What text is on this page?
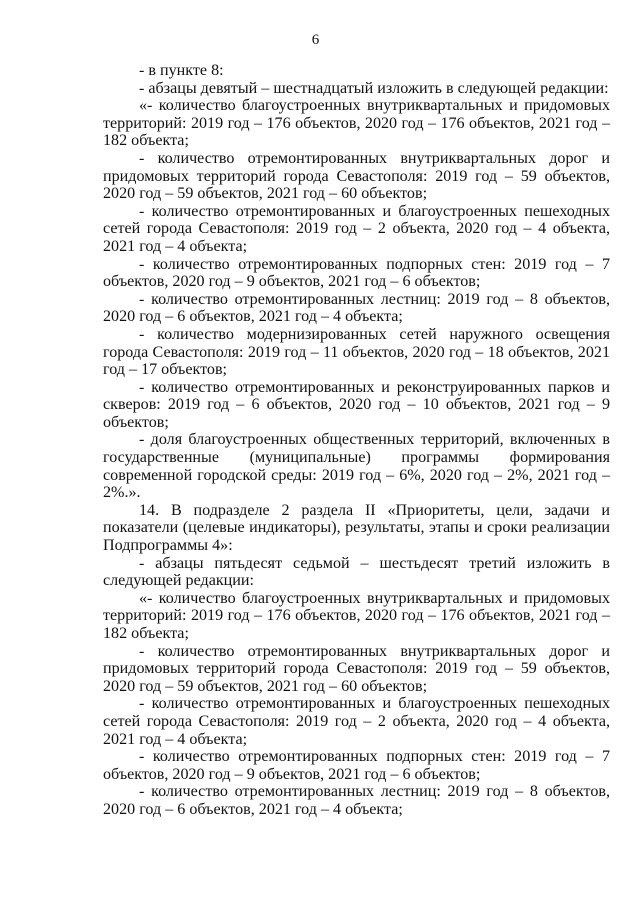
6

- в пункте 8:

- абзацы девятый – шестнадцатый изложить в следующей редакции:

«- количество благоустроенных внутриквартальных и придомовых территорий: 2019 год – 176 объектов, 2020 год – 176 объектов, 2021 год – 182 объекта;

- количество отремонтированных внутриквартальных дорог и придомовых территорий города Севастополя: 2019 год – 59 объектов, 2020 год – 59 объектов, 2021 год – 60 объектов;

- количество отремонтированных и благоустроенных пешеходных сетей города Севастополя: 2019 год – 2 объекта, 2020 год – 4 объекта, 2021 год – 4 объекта;

- количество отремонтированных подпорных стен: 2019 год – 7 объектов, 2020 год – 9 объектов, 2021 год – 6 объектов;

- количество отремонтированных лестниц: 2019 год – 8 объектов, 2020 год – 6 объектов, 2021 год – 4 объекта;

- количество модернизированных сетей наружного освещения города Севастополя: 2019 год – 11 объектов, 2020 год – 18 объектов, 2021 год – 17 объектов;

- количество отремонтированных и реконструированных парков и скверов: 2019 год – 6 объектов, 2020 год – 10 объектов, 2021 год – 9 объектов;

- доля благоустроенных общественных территорий, включенных в государственные (муниципальные) программы формирования современной городской среды: 2019 год – 6%, 2020 год – 2%, 2021 год – 2%.».

14. В подразделе 2 раздела II «Приоритеты, цели, задачи и показатели (целевые индикаторы), результаты, этапы и сроки реализации Подпрограммы 4»:

- абзацы пятьдесят седьмой – шестьдесят третий изложить в следующей редакции:

«- количество благоустроенных внутриквартальных и придомовых территорий: 2019 год – 176 объектов, 2020 год – 176 объектов, 2021 год – 182 объекта;

- количество отремонтированных внутриквартальных дорог и придомовых территорий города Севастополя: 2019 год – 59 объектов, 2020 год – 59 объектов, 2021 год – 60 объектов;

- количество отремонтированных и благоустроенных пешеходных сетей города Севастополя: 2019 год – 2 объекта, 2020 год – 4 объекта, 2021 год – 4 объекта;

- количество отремонтированных подпорных стен: 2019 год – 7 объектов, 2020 год – 9 объектов, 2021 год – 6 объектов;

- количество отремонтированных лестниц: 2019 год – 8 объектов, 2020 год – 6 объектов, 2021 год – 4 объекта;
